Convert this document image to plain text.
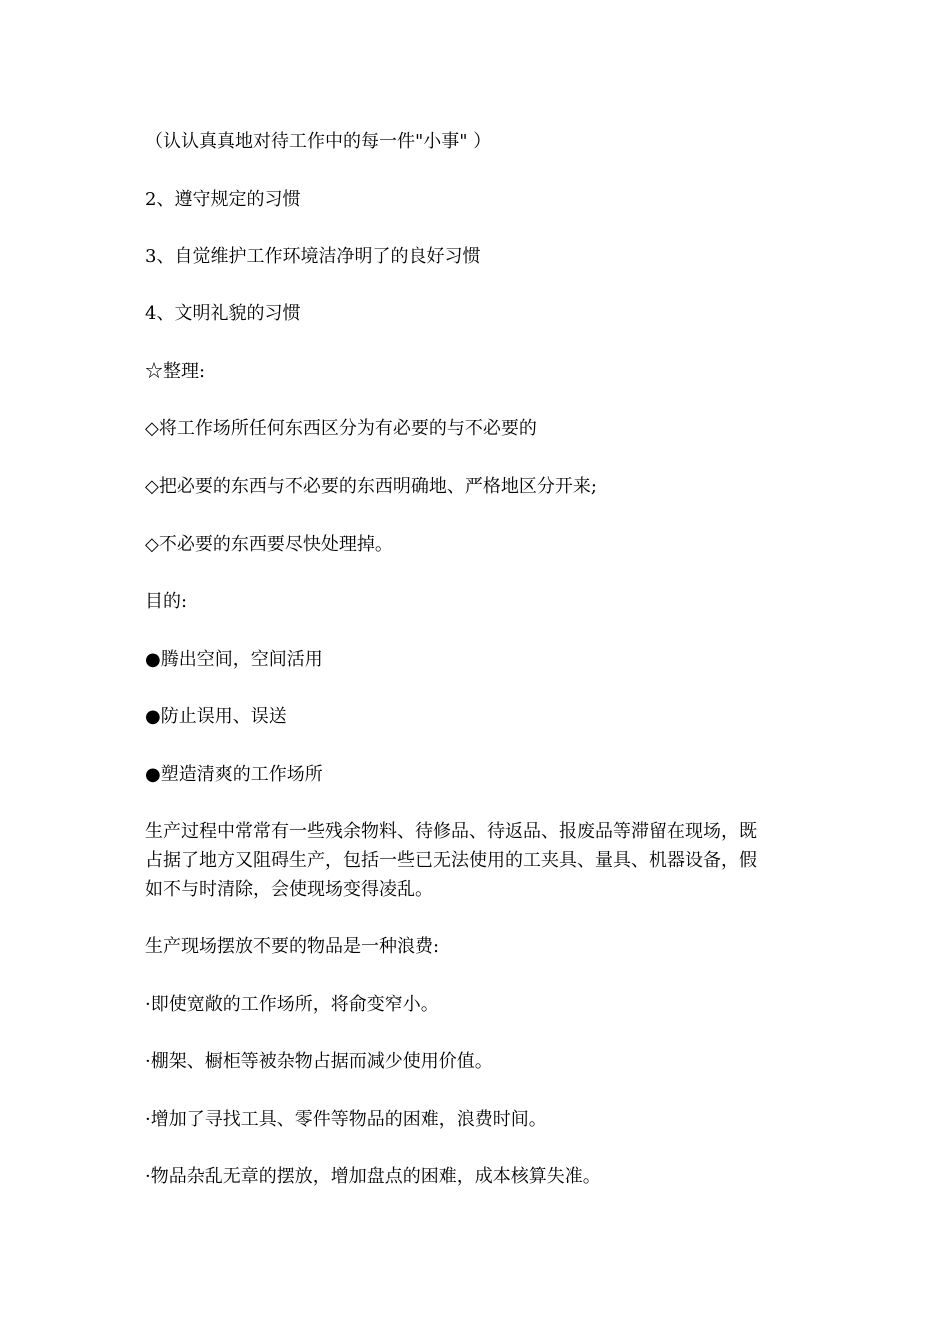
（认认真真地对待工作中的每一件"小事" ）
2、遵守规定的习惯
3、自觉维护工作环境洁净明了的良好习惯
4、文明礼貌的习惯
☆整理:
◇将工作场所任何东西区分为有必要的与不必要的
◇把必要的东西与不必要的东西明确地、严格地区分开来;
◇不必要的东西要尽快处理掉。
目的:
●腾出空间，空间活用
●防止误用、误送
●塑造清爽的工作场所
生产过程中常常有一些残余物料、待修品、待返品、报废品等滞留在现场，既
占据了地方又阻碍生产，包括一些已无法使用的工夹具、量具、机器设备，假
如不与时清除，会使现场变得凌乱。
生产现场摆放不要的物品是一种浪费:
·即使宽敞的工作场所，将俞变窄小。
·棚架、橱柜等被杂物占据而减少使用价值。
·增加了寻找工具、零件等物品的困难，浪费时间。
·物品杂乱无章的摆放，增加盘点的困难，成本核算失准。
